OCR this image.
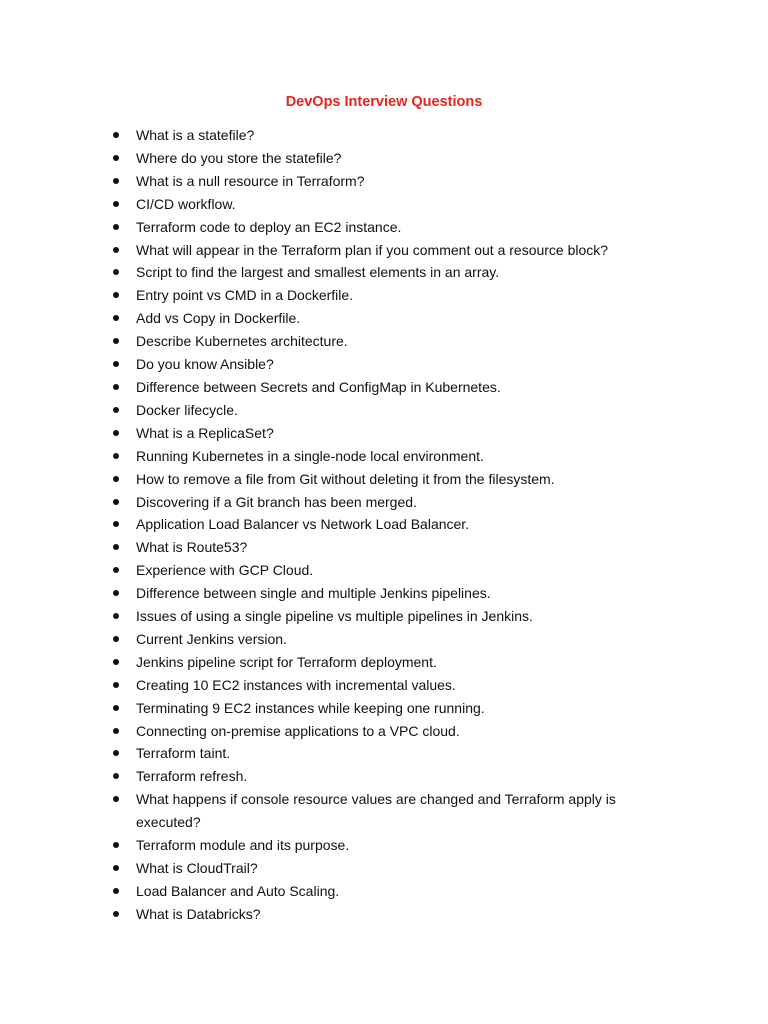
DevOps Interview Questions
What is a statefile?
Where do you store the statefile?
What is a null resource in Terraform?
CI/CD workflow.
Terraform code to deploy an EC2 instance.
What will appear in the Terraform plan if you comment out a resource block?
Script to find the largest and smallest elements in an array.
Entry point vs CMD in a Dockerfile.
Add vs Copy in Dockerfile.
Describe Kubernetes architecture.
Do you know Ansible?
Difference between Secrets and ConfigMap in Kubernetes.
Docker lifecycle.
What is a ReplicaSet?
Running Kubernetes in a single-node local environment.
How to remove a file from Git without deleting it from the filesystem.
Discovering if a Git branch has been merged.
Application Load Balancer vs Network Load Balancer.
What is Route53?
Experience with GCP Cloud.
Difference between single and multiple Jenkins pipelines.
Issues of using a single pipeline vs multiple pipelines in Jenkins.
Current Jenkins version.
Jenkins pipeline script for Terraform deployment.
Creating 10 EC2 instances with incremental values.
Terminating 9 EC2 instances while keeping one running.
Connecting on-premise applications to a VPC cloud.
Terraform taint.
Terraform refresh.
What happens if console resource values are changed and Terraform apply is executed?
Terraform module and its purpose.
What is CloudTrail?
Load Balancer and Auto Scaling.
What is Databricks?
